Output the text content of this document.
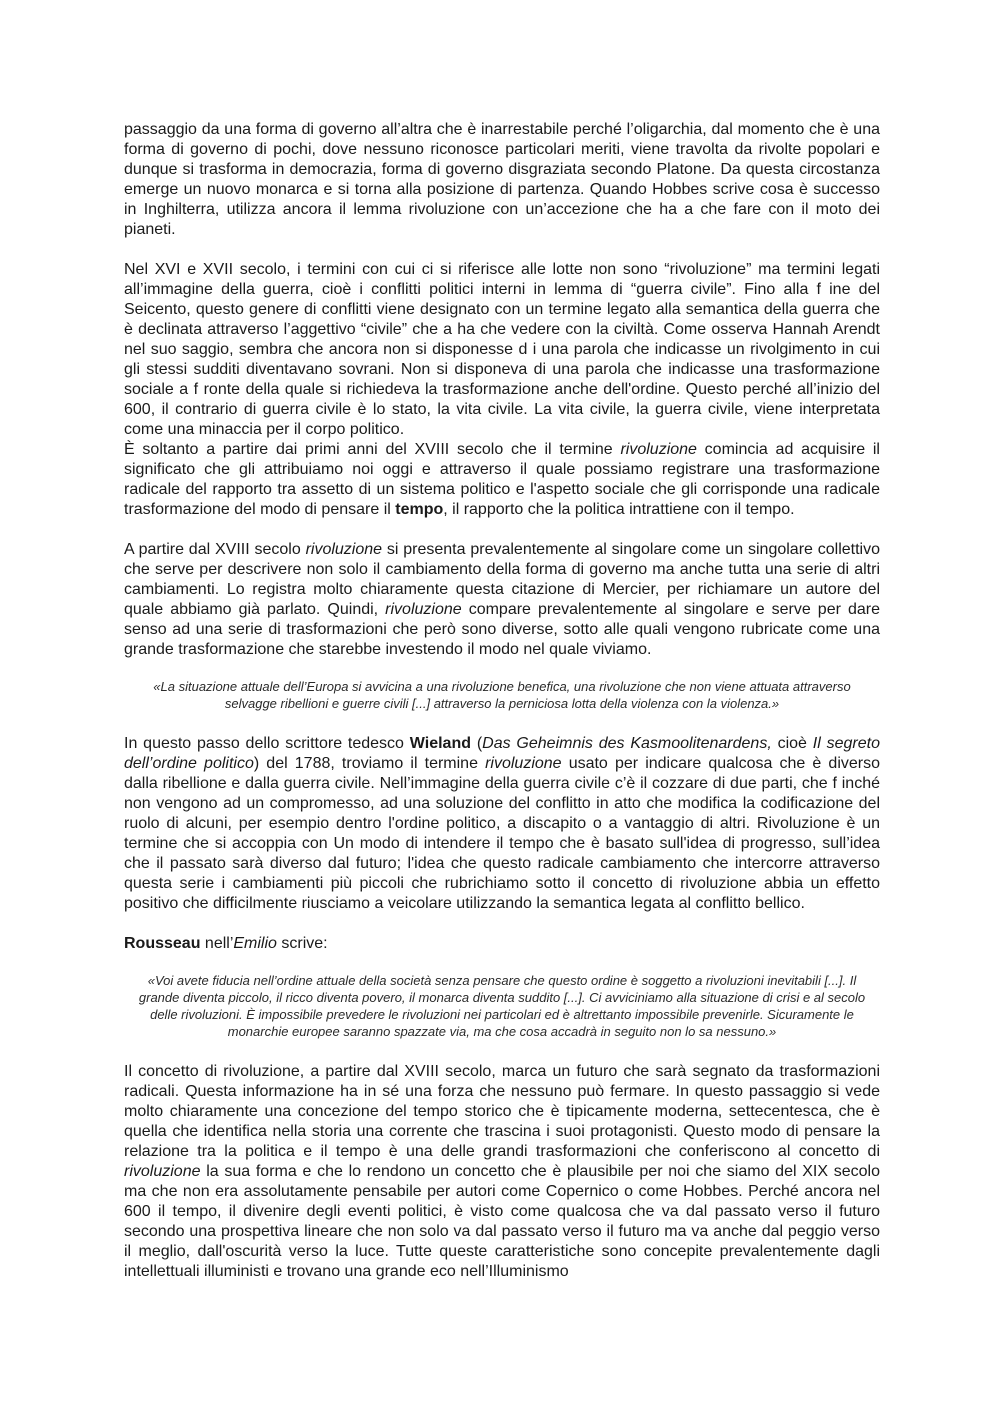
passaggio da una forma di governo all’altra che è inarrestabile perché l’oligarchia, dal momento che è una forma di governo di pochi, dove nessuno riconosce particolari meriti, viene travolta da rivolte popolari e dunque si trasforma in democrazia, forma di governo disgraziata secondo Platone. Da questa circostanza emerge un nuovo monarca e si torna alla posizione di partenza. Quando Hobbes scrive cosa è successo in Inghilterra, utilizza ancora il lemma rivoluzione con un’accezione che ha a che fare con il moto dei pianeti.

Nel XVI e XVII secolo, i termini con cui ci si riferisce alle lotte non sono “rivoluzione” ma termini legati all’immagine della guerra, cioè i conflitti politici interni in lemma di “guerra civile”. Fino alla f ine del Seicento, questo genere di conflitti viene designato con un termine legato alla semantica della guerra che è declinata attraverso l’aggettivo “civile” che a ha che vedere con la civiltà. Come osserva Hannah Arendt nel suo saggio, sembra che ancora non si disponesse d i una parola che indicasse un rivolgimento in cui gli stessi sudditi diventavano sovrani. Non si disponeva di una parola che indicasse una trasformazione sociale a f ronte della quale si richiedeva la trasformazione anche dell'ordine. Questo perché all’inizio del 600, il contrario di guerra civile è lo stato, la vita civile. La vita civile, la guerra civile, viene interpretata come una minaccia per il corpo politico.

È soltanto a partire dai primi anni del XVIII secolo che il termine rivoluzione comincia ad acquisire il significato che gli attribuiamo noi oggi e attraverso il quale possiamo registrare una trasformazione radicale del rapporto tra assetto di un sistema politico e l'aspetto sociale che gli corrisponde una radicale trasformazione del modo di pensare il tempo, il rapporto che la politica intrattiene con il tempo.

A partire dal XVIII secolo rivoluzione si presenta prevalentemente al singolare come un singolare collettivo che serve per descrivere non solo il cambiamento della forma di governo ma anche tutta una serie di altri cambiamenti. Lo registra molto chiaramente questa citazione di Mercier, per richiamare un autore del quale abbiamo già parlato. Quindi, rivoluzione compare prevalentemente al singolare e serve per dare senso ad una serie di trasformazioni che però sono diverse, sotto alle quali vengono rubricate come una grande trasformazione che starebbe investendo il modo nel quale viviamo.

«La situazione attuale dell’Europa si avvicina a una rivoluzione benefica, una rivoluzione che non viene attuata attraverso selvagge ribellioni e guerre civili [...] attraverso la perniciosa lotta della violenza con la violenza.»

In questo passo dello scrittore tedesco Wieland (Das Geheimnis des Kasmoolitenardens, cioè Il segreto dell’ordine politico) del 1788, troviamo il termine rivoluzione usato per indicare qualcosa che è diverso dalla ribellione e dalla guerra civile. Nell’immagine della guerra civile c’è il cozzare di due parti, che f inché non vengono ad un compromesso, ad una soluzione del conflitto in atto che modifica la codificazione del ruolo di alcuni, per esempio dentro l'ordine politico, a discapito o a vantaggio di altri. Rivoluzione è un termine che si accoppia con Un modo di intendere il tempo che è basato sull'idea di progresso, sull’idea che il passato sarà diverso dal futuro; l'idea che questo radicale cambiamento che intercorre attraverso questa serie i cambiamenti più piccoli che rubrichiamo sotto il concetto di rivoluzione abbia un effetto positivo che difficilmente riusciamo a veicolare utilizzando la semantica legata al conflitto bellico.

Rousseau nell’Emilio scrive:

«Voi avete fiducia nell’ordine attuale della società senza pensare che questo ordine è soggetto a rivoluzioni inevitabili [...]. Il grande diventa piccolo, il ricco diventa povero, il monarca diventa suddito [...]. Ci avviciniamo alla situazione di crisi e al secolo delle rivoluzioni. È impossibile prevedere le rivoluzioni nei particolari ed è altrettanto impossibile prevenirle. Sicuramente le monarchie europee saranno spazzate via, ma che cosa accadrà in seguito non lo sa nessuno.»

Il concetto di rivoluzione, a partire dal XVIII secolo, marca un futuro che sarà segnato da trasformazioni radicali. Questa informazione ha in sé una forza che nessuno può fermare. In questo passaggio si vede molto chiaramente una concezione del tempo storico che è tipicamente moderna, settecentesca, che è quella che identifica nella storia una corrente che trascina i suoi protagonisti. Questo modo di pensare la relazione tra la politica e il tempo è una delle grandi trasformazioni che conferiscono al concetto di rivoluzione la sua forma e che lo rendono un concetto che è plausibile per noi che siamo del XIX secolo ma che non era assolutamente pensabile per autori come Copernico o come Hobbes. Perché ancora nel 600 il tempo, il divenire degli eventi politici, è visto come qualcosa che va dal passato verso il futuro secondo una prospettiva lineare che non solo va dal passato verso il futuro ma va anche dal peggio verso il meglio, dall'oscurità verso la luce. Tutte queste caratteristiche sono concepite prevalentemente dagli intellettuali illuministi e trovano una grande eco nell’Illuminismo
